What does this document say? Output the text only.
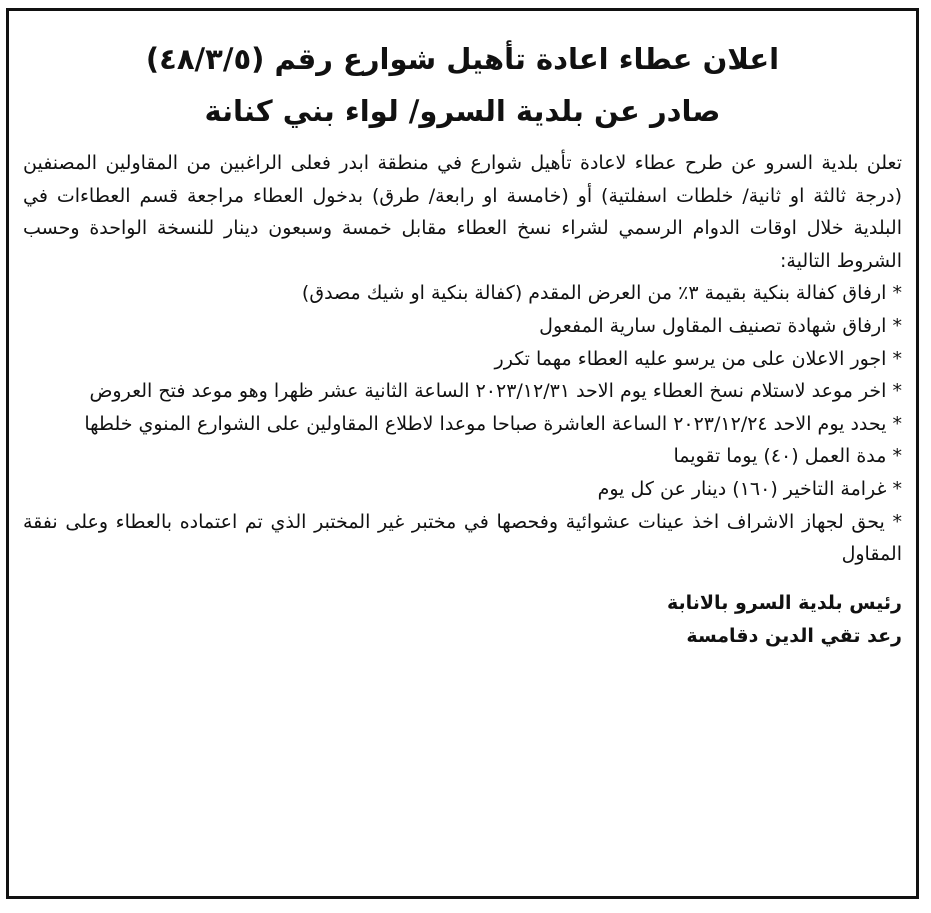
اعلان عطاء اعادة تأهيل شوارع رقم (٤٨/٣/٥)
صادر عن بلدية السرو/ لواء بني كنانة

تعلن بلدية السرو عن طرح عطاء لاعادة تأهيل شوارع في منطقة ابدر فعلى الراغبين من المقاولين المصنفين (درجة ثالثة او ثانية/ خلطات اسفلتية) أو (خامسة او رابعة/ طرق) بدخول العطاء مراجعة قسم العطاءات في البلدية خلال اوقات الدوام الرسمي لشراء نسخ العطاء مقابل خمسة وسبعون دينار للنسخة الواحدة وحسب الشروط التالية:

* ارفاق كفالة بنكية بقيمة ٣٪ من العرض المقدم (كفالة بنكية او شيك مصدق)

* ارفاق شهادة تصنيف المقاول سارية المفعول

* اجور الاعلان على من يرسو عليه العطاء مهما تكرر

* اخر موعد لاستلام نسخ العطاء يوم الاحد ٢٠٢٣/١٢/٣١ الساعة الثانية عشر ظهرا وهو موعد فتح العروض

* يحدد يوم الاحد ٢٠٢٣/١٢/٢٤ الساعة العاشرة صباحا موعدا لاطلاع المقاولين على الشوارع المنوي خلطها

* مدة العمل (٤٠) يوما تقويما

* غرامة التاخير (١٦٠) دينار عن كل يوم

* يحق لجهاز الاشراف اخذ عينات عشوائية وفحصها في مختبر غير المختبر الذي تم اعتماده بالعطاء وعلى نفقة المقاول

رئيس بلدية السرو بالانابة
رعد تقي الدين دقامسة
